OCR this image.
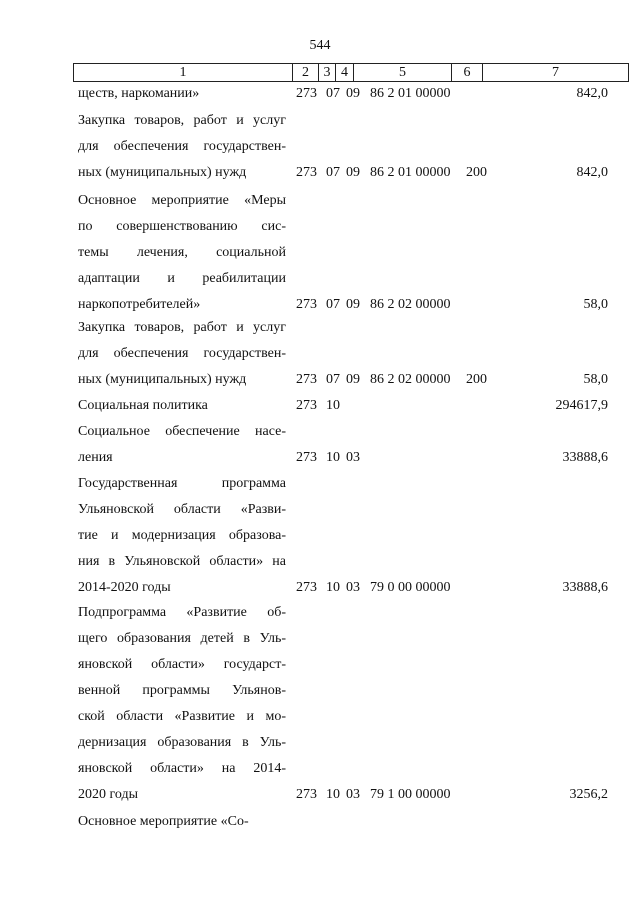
544
1	2	3 4	5	6	7
ществ, наркомании»	273 07 09 86 2 01 00000	842,0
Закупка товаров, работ и услуг
для обеспечения государствен-
ных (муниципальных) нужд	273 07 09 86 2 01 00000 200	842,0
Основное мероприятие «Меры
по совершенствованию сис-
темы лечения, социальной
адаптации и реабилитации
наркопотребителей»	273 07 09 86 2 02 00000	58,0
Закупка товаров, работ и услуг
для обеспечения государствен-
ных (муниципальных) нужд	273 07 09 86 2 02 00000 200	58,0
Социальная политика	273 10	294617,9
Социальное обеспечение насе-
ления	273 10 03	33888,6
Государственная программа
Ульяновской области «Разви-
тие и модернизация образова-
ния в Ульяновской области» на
2014-2020 годы	273 10 03 79 0 00 00000	33888,6
Подпрограмма «Развитие об-
щего образования детей в Уль-
яновской области» государст-
венной программы Ульянов-
ской области «Развитие и мо-
дернизация образования в Уль-
яновской области» на 2014-
2020 годы	273 10 03 79 1 00 00000	3256,2
Основное мероприятие «Со-
